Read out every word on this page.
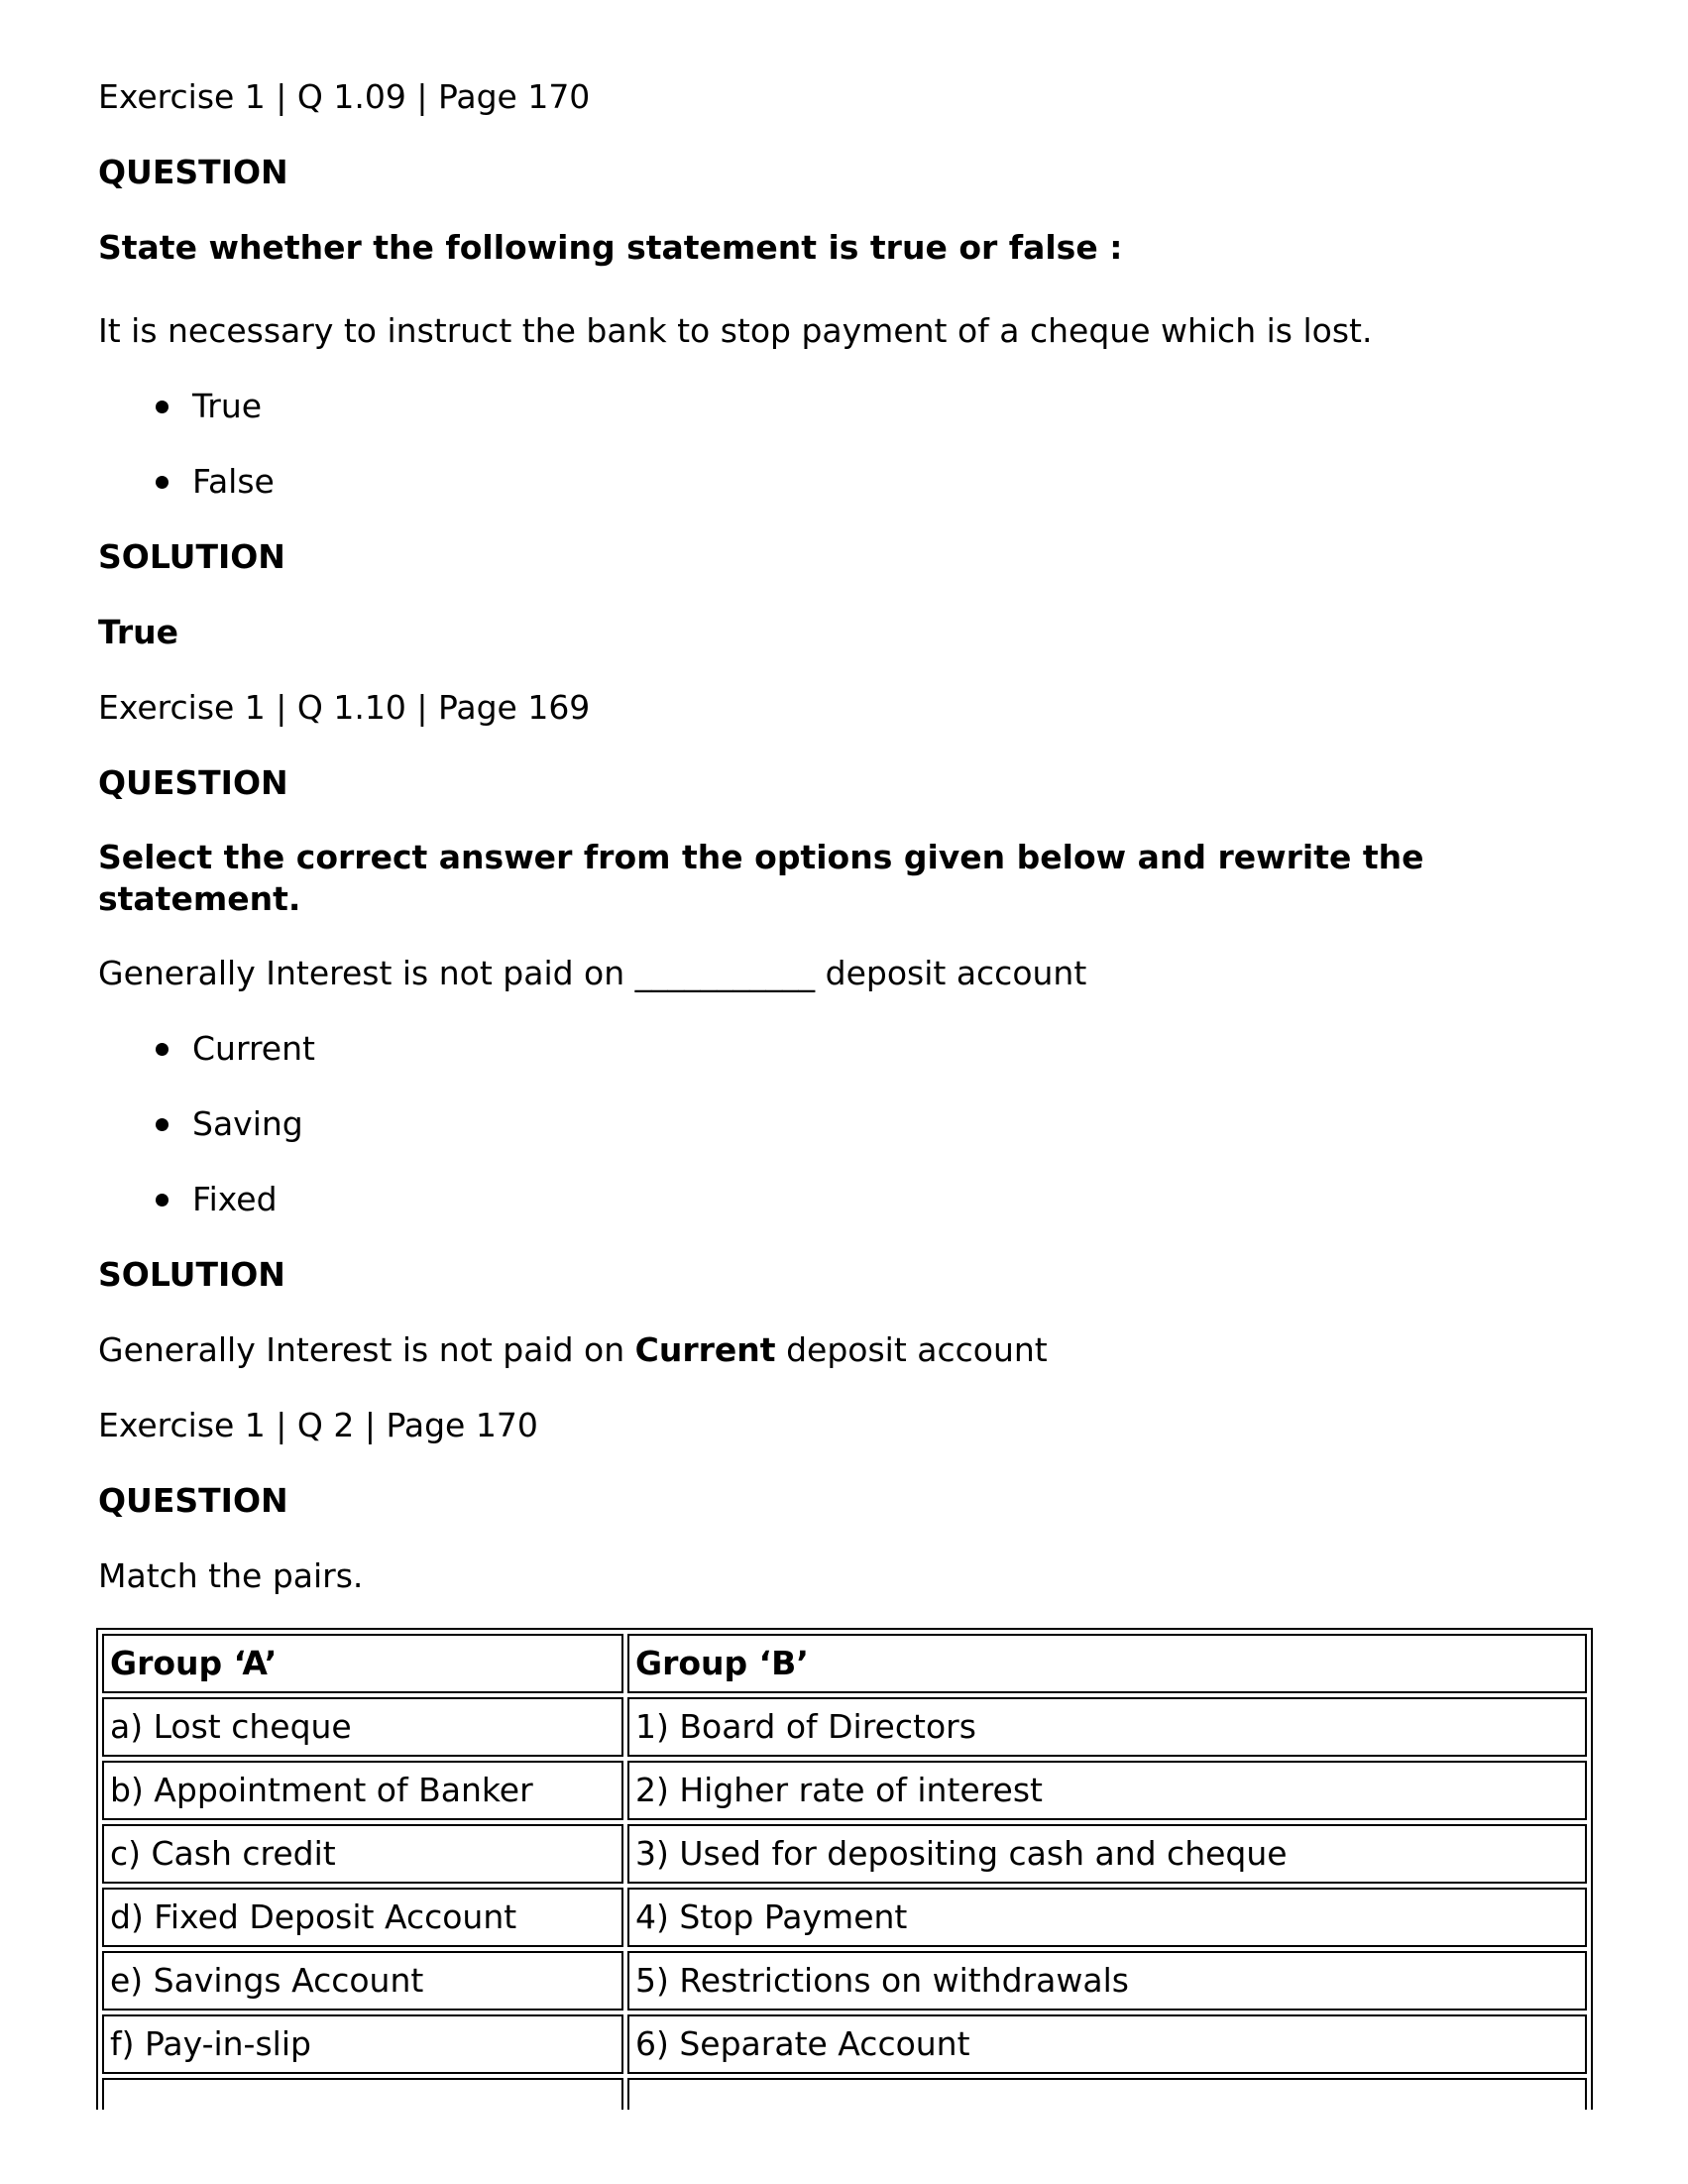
Exercise 1 | Q 1.09 | Page 170

QUESTION

State whether the following statement is true or false :

It is necessary to instruct the bank to stop payment of a cheque which is lost.

True
False

SOLUTION

True

Exercise 1 | Q 1.10 | Page 169

QUESTION

Select the correct answer from the options given below and rewrite the

statement.

Generally Interest is not paid on ___________ deposit account

Current
Saving
Fixed

SOLUTION

Generally Interest is not paid on Current deposit account

Exercise 1 | Q 2 | Page 170

QUESTION

Match the pairs.

Group ‘A’	Group ‘B’
a) Lost cheque	1) Board of Directors
b) Appointment of Banker	2) Higher rate of interest
c) Cash credit	3) Used for depositing cash and cheque
d) Fixed Deposit Account	4) Stop Payment
e) Savings Account	5) Restrictions on withdrawals
f) Pay-in-slip	6) Separate Account
